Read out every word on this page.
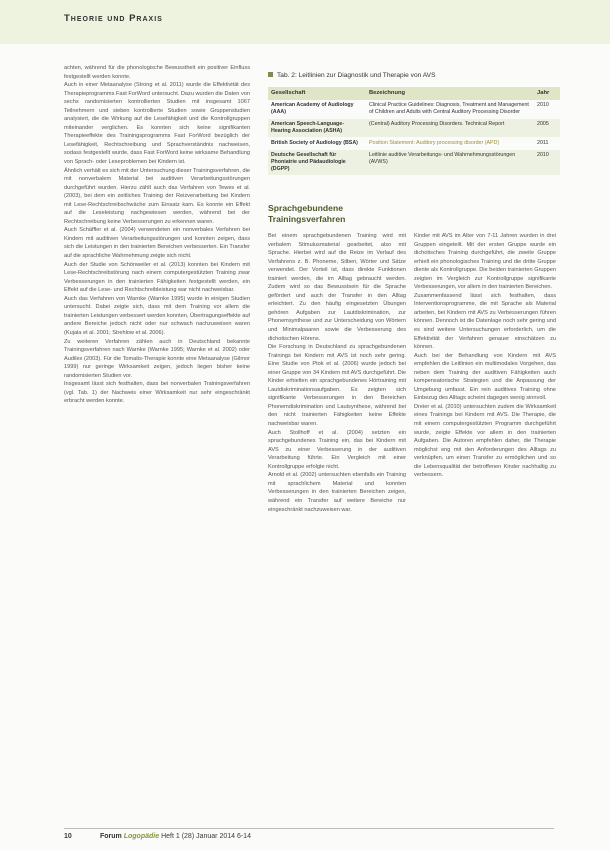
Theorie und Praxis

achten, während für die phonologische Bewusstheit ein positiver Einfluss festgestellt werden konnte.

Auch in einer Metaanalyse (Strong et al. 2011) wurde die Effektivität des Therapieprogramms Fast ForWord untersucht. Dazu wurden die Daten von sechs randomisierten kontrollierten Studien mit insgesamt 1067 Teilnehmern und sieben kontrollierte Studien sowie Gruppenstudien analysiert, die die Wirkung auf die Lesefähigkeit und die Kontrollgruppen miteinander verglichen. Es konnten sich keine signifikanten Therapieeffekte des Trainingsprogramms Fast ForWord bezüglich der Lesefähigkeit, Rechtschreibung und Sprachverständnis nachweisen, sodass festgestellt wurde, dass Fast ForWord keine wirksame Behandlung von Sprach- oder Leseproblemen bei Kindern ist.

Ähnlich verhält es sich mit der Untersuchung dieser Trainingsverfahren, die mit nonverbalem Material bei auditiven Verarbeitungsstörungen durchgeführt wurden. Hierzu zählt auch das Verfahren von Tewes et al. (2003), bei dem ein zeitliches Training der Reizverarbeitung bei Kindern mit Lese-Rechtschreibschwäche zum Einsatz kam. Es konnte ein Effekt auf die Leseleistung nachgewiesen werden, während bei der Rechtschreibung keine Verbesserungen zu erkennen waren.

Auch Schäffler et al. (2004) verwendeten ein nonverbales Verfahren bei Kindern mit auditiven Verarbeitungsstörungen und konnten zeigen, dass sich die Leistungen in den trainierten Bereichen verbesserten. Ein Transfer auf die sprachliche Wahrnehmung zeigte sich nicht.

Auch der Studie von Schönweiler et al. (2013) konnten bei Kindern mit Lese-Rechtschreibstörung nach einem computergestützten Training zwar Verbesserungen in den trainierten Fähigkeiten festgestellt werden, ein Effekt auf die Lese- und Rechtschreibleistung war nicht nachweisbar.

Auch das Verfahren von Warnke (Warnke 1995) wurde in einigen Studien untersucht. Dabei zeigte sich, dass mit dem Training vor allem die trainierten Leistungen verbessert werden konnten, Übertragungseffekte auf andere Bereiche jedoch nicht oder nur schwach nachzuweisen waren (Kujala et al. 2001; Strehlow et al. 2006).

Zu weiteren Verfahren zählen auch in Deutschland bekannte Trainingsverfahren nach Warnke (Warnke 1995; Warnke et al. 2002) oder Audilex (2003). Für die Tomatis-Therapie konnte eine Metaanalyse (Gilmor 1999) nur geringe Wirksamkeit zeigen, jedoch liegen bisher keine randomisierten Studien vor.

Insgesamt lässt sich festhalten, dass bei nonverbalen Trainingsverfahren (vgl. Tab. 1) der Nachweis einer Wirksamkeit nur sehr eingeschränkt erbracht werden konnte.

Tab. 2: Leitlinien zur Diagnostik und Therapie von AVS
Gesellschaft	Bezeichnung	Jahr
American Academy of Audiology (AAA)	Clinical Practice Guidelines: Diagnosis, Treatment and Management of Children and Adults with Central Auditory Processing Disorder	2010
American Speech-Language-Hearing Association (ASHA)	(Central) Auditory Processing Disorders. Technical Report	2005
British Society of Audiology (BSA)	Position Statement: Auditory processing disorder (APD)	2011
Deutsche Gesellschaft für Phoniatrie und Pädaudiologie (DGPP)	Leitlinie auditive Verarbeitungs- und Wahrnehmungsstörungen (AVWS)	2010
Sprachgebundene Trainingsverfahren

Bei einem sprachgebundenen Training wird mit verbalem Stimulusmaterial gearbeitet, also mit Sprache. Hierbei wird auf die Reize im Verlauf des Verfahrens z. B. Phoneme, Silben, Wörter und Sätze verwendet. Der Vorteil ist, dass direkte Funktionen trainiert werden, die im Alltag gebraucht werden. Zudem wird so das Bewusstsein für die Sprache gefördert und auch der Transfer in den Alltag erleichtert. Zu den häufig eingesetzten Übungen gehören Aufgaben zur Lautdiskrimination, zur Phonemsynthese und zur Unterscheidung von Wörtern und Minimalpaaren sowie die Verbesserung des dichotischen Hörens.

Die Forschung in Deutschland zu sprachgebundenen Trainings bei Kindern mit AVS ist noch sehr gering. Eine Studie von Ptok et al. (2006) wurde jedoch bei einer Gruppe von 34 Kindern mit AVS durchgeführt. Die Kinder erhielten ein sprachgebundenes Hörtraining mit Lautdiskriminationsaufgaben. Es zeigten sich signifikante Verbesserungen in den Bereichen Phonemdiskrimination und Lautsynthese, während bei den nicht trainierten Fähigkeiten keine Effekte nachweisbar waren.

Auch Stollhoff et al. (2004) setzten ein sprachgebundenes Training ein, das bei Kindern mit AVS zu einer Verbesserung in der auditiven Verarbeitung führte. Ein Vergleich mit einer Kontrollgruppe erfolgte nicht.

Arnold et al. (2002) untersuchten ebenfalls ein Training mit sprachlichem Material und konnten Verbesserungen in den trainierten Bereichen zeigen, während ein Transfer auf weitere Bereiche nur eingeschränkt nachzuweisen war.

Kinder mit AVS im Alter von 7-11 Jahren wurden in drei Gruppen eingeteilt. Mit der ersten Gruppe wurde ein dichotisches Training durchgeführt, die zweite Gruppe erhielt ein phonologisches Training und die dritte Gruppe diente als Kontrollgruppe. Die beiden trainierten Gruppen zeigten im Vergleich zur Kontrollgruppe signifikante Verbesserungen, vor allem in den trainierten Bereichen.

Zusammenfassend lässt sich festhalten, dass Interventionsprogramme, die mit Sprache als Material arbeiten, bei Kindern mit AVS zu Verbesserungen führen können. Dennoch ist die Datenlage noch sehr gering und es sind weitere Untersuchungen erforderlich, um die Effektivität der Verfahren genauer einschätzen zu können.

Auch bei der Behandlung von Kindern mit AVS empfehlen die Leitlinien ein multimodales Vorgehen, das neben dem Training der auditiven Fähigkeiten auch kompensatorische Strategien und die Anpassung der Umgebung umfasst. Ein rein auditives Training ohne Einbezug des Alltags scheint dagegen wenig sinnvoll.

Dreier et al. (2010) untersuchten zudem die Wirksamkeit eines Trainings bei Kindern mit AVS. Die Therapie, die mit einem computergestützten Programm durchgeführt wurde, zeigte Effekte vor allem in den trainierten Aufgaben. Die Autoren empfehlen daher, die Therapie möglichst eng mit den Anforderungen des Alltags zu verknüpfen, um einen Transfer zu ermöglichen und so die Lebensqualität der betroffenen Kinder nachhaltig zu verbessern.

10	Forum Logopädie Heft 1 (28) Januar 2014 6-14
